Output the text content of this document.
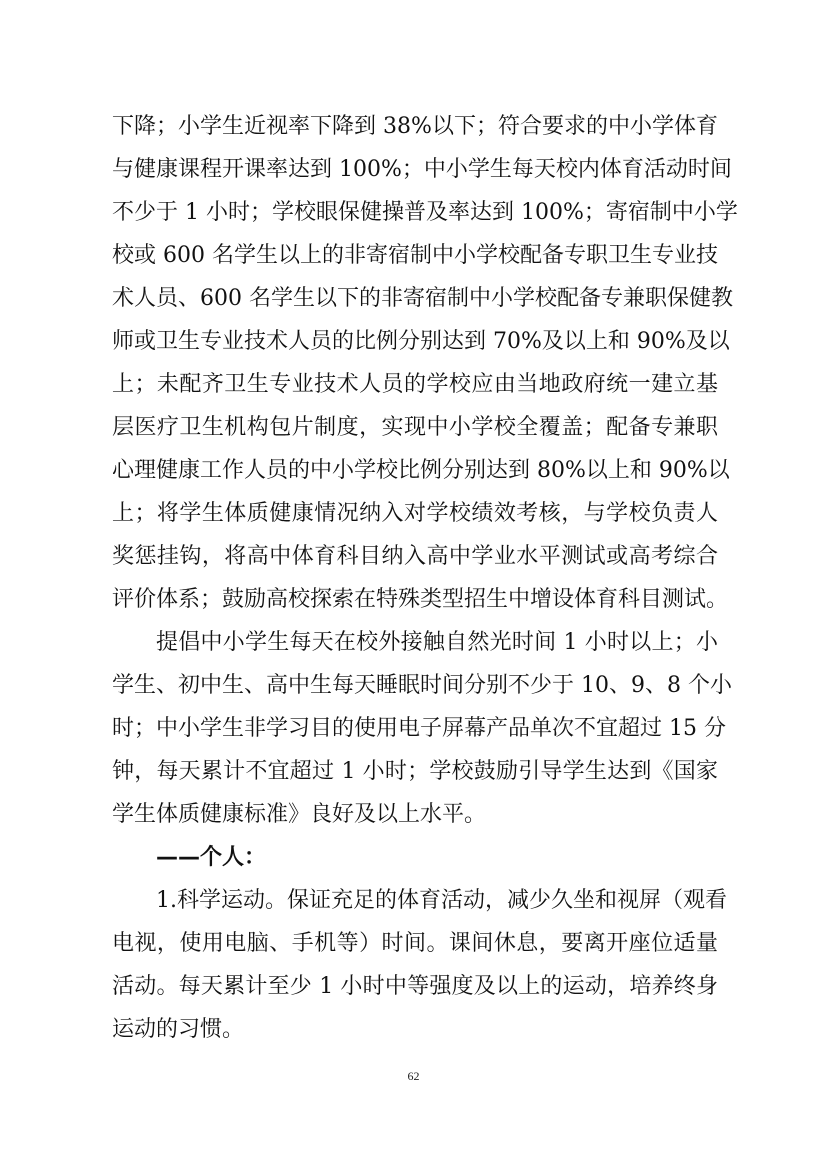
下降；小学生近视率下降到 38%以下；符合要求的中小学体育
与健康课程开课率达到 100%；中小学生每天校内体育活动时间
不少于 1 小时；学校眼保健操普及率达到 100%；寄宿制中小学
校或 600 名学生以上的非寄宿制中小学校配备专职卫生专业技
术人员、600 名学生以下的非寄宿制中小学校配备专兼职保健教
师或卫生专业技术人员的比例分别达到 70%及以上和 90%及以
上；未配齐卫生专业技术人员的学校应由当地政府统一建立基
层医疗卫生机构包片制度，实现中小学校全覆盖；配备专兼职
心理健康工作人员的中小学校比例分别达到 80%以上和 90%以
上；将学生体质健康情况纳入对学校绩效考核，与学校负责人
奖惩挂钩，将高中体育科目纳入高中学业水平测试或高考综合
评价体系；鼓励高校探索在特殊类型招生中增设体育科目测试。
提倡中小学生每天在校外接触自然光时间 1 小时以上；小
学生、初中生、高中生每天睡眠时间分别不少于 10、9、8 个小
时；中小学生非学习目的使用电子屏幕产品单次不宜超过 15 分
钟，每天累计不宜超过 1 小时；学校鼓励引导学生达到《国家
学生体质健康标准》良好及以上水平。
——个人：
1.科学运动。保证充足的体育活动，减少久坐和视屏（观看
电视，使用电脑、手机等）时间。课间休息，要离开座位适量
活动。每天累计至少 1 小时中等强度及以上的运动，培养终身
运动的习惯。
62
